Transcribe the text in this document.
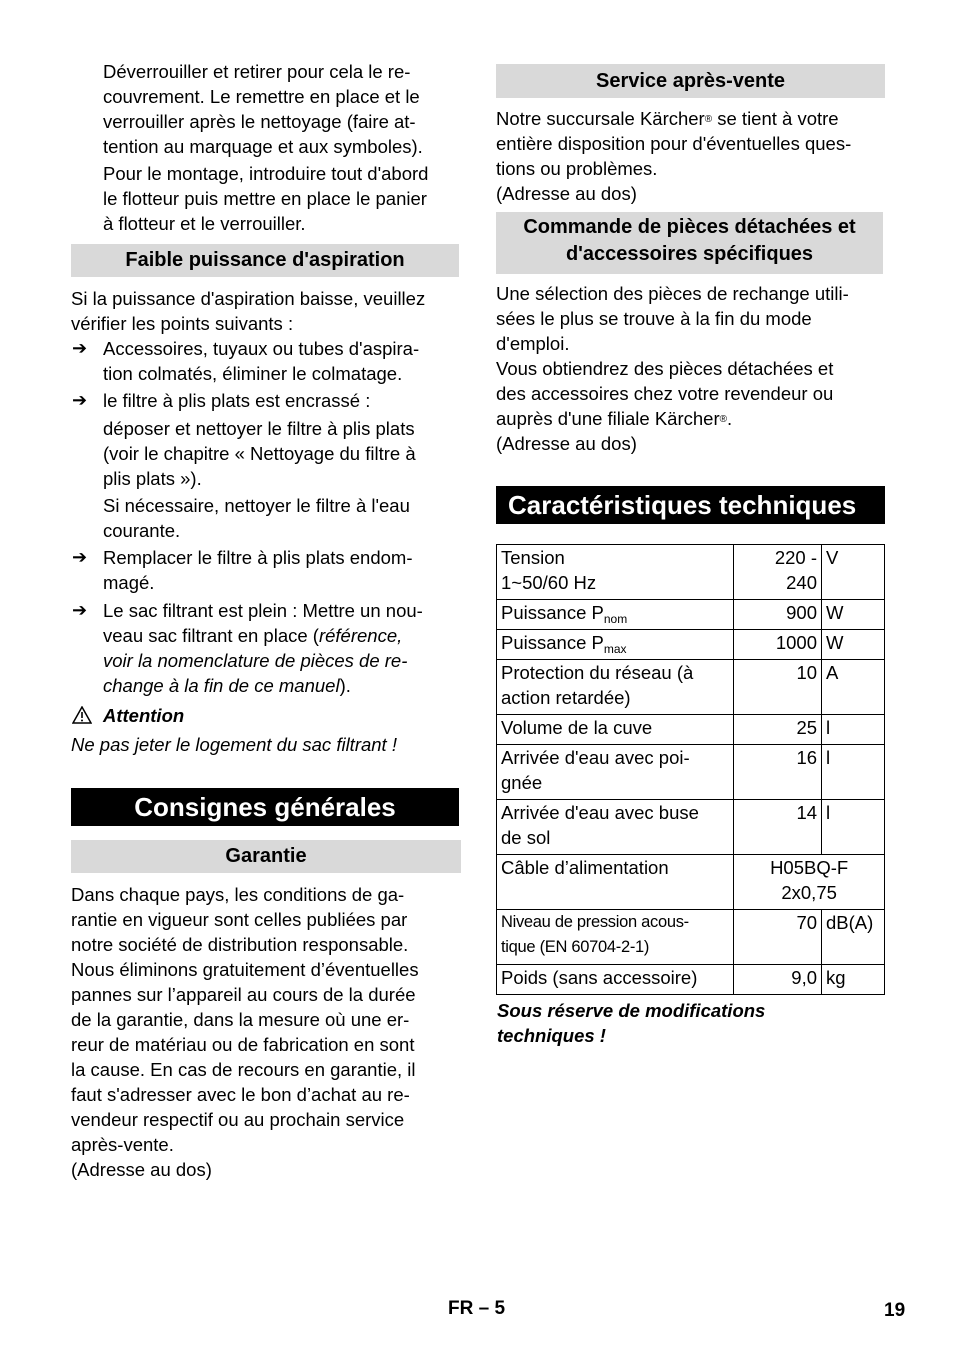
Déverrouiller et retirer pour cela le re-
couvrement. Le remettre en place et le
verrouiller après le nettoyage (faire at-
tention au marquage et aux symboles).
Pour le montage, introduire tout d'abord
le flotteur puis mettre en place le panier
à flotteur et le verrouiller.
Faible puissance d'aspiration
Si la puissance d'aspiration baisse, veuillez
vérifier les points suivants :
➔ Accessoires, tuyaux ou tubes d'aspira-
tion colmatés, éliminer le colmatage.
➔ le filtre à plis plats est encrassé :
déposer et nettoyer le filtre à plis plats
(voir le chapitre « Nettoyage du filtre à
plis plats »).
Si nécessaire, nettoyer le filtre à l'eau
courante.
➔ Remplacer le filtre à plis plats endom-
magé.
➔ Le sac filtrant est plein : Mettre un nou-
veau sac filtrant en place (référence,
voir la nomenclature de pièces de re-
change à la fin de ce manuel).
Attention
Ne pas jeter le logement du sac filtrant !
Consignes générales
Garantie
Dans chaque pays, les conditions de ga-
rantie en vigueur sont celles publiées par
notre société de distribution responsable.
Nous éliminons gratuitement d’éventuelles
pannes sur l’appareil au cours de la durée
de la garantie, dans la mesure où une er-
reur de matériau ou de fabrication en sont
la cause. En cas de recours en garantie, il
faut s'adresser avec le bon d’achat au re-
vendeur respectif ou au prochain service
après-vente.
(Adresse au dos)
Service après-vente
Notre succursale Kärcher® se tient à votre
entière disposition pour d'éventuelles ques-
tions ou problèmes.
(Adresse au dos)
Commande de pièces détachées et
d'accessoires spécifiques
Une sélection des pièces de rechange utili-
sées le plus se trouve à la fin du mode
d'emploi.
Vous obtiendrez des pièces détachées et
des accessoires chez votre revendeur ou
auprès d'une filiale Kärcher®.
(Adresse au dos)
Caractéristiques techniques
Tension
1~50/60 Hz	220 -
240	V
Puissance $P_{nom}$	900	W
Puissance $P_{max}$	1000	W
Protection du réseau (à
action retardée)	10	A
Volume de la cuve	25	l
Arrivée d'eau avec poi-
gnée	16	l
Arrivée d'eau avec buse
de sol	14	l
Câble d’alimentation	H05BQ-F
2x0,75	
Niveau de pression acous-
tique (EN 60704-2-1)	70	dB(A)
Poids (sans accessoire)	9,0	kg
Sous réserve de modifications
techniques !
FR – 5	19
